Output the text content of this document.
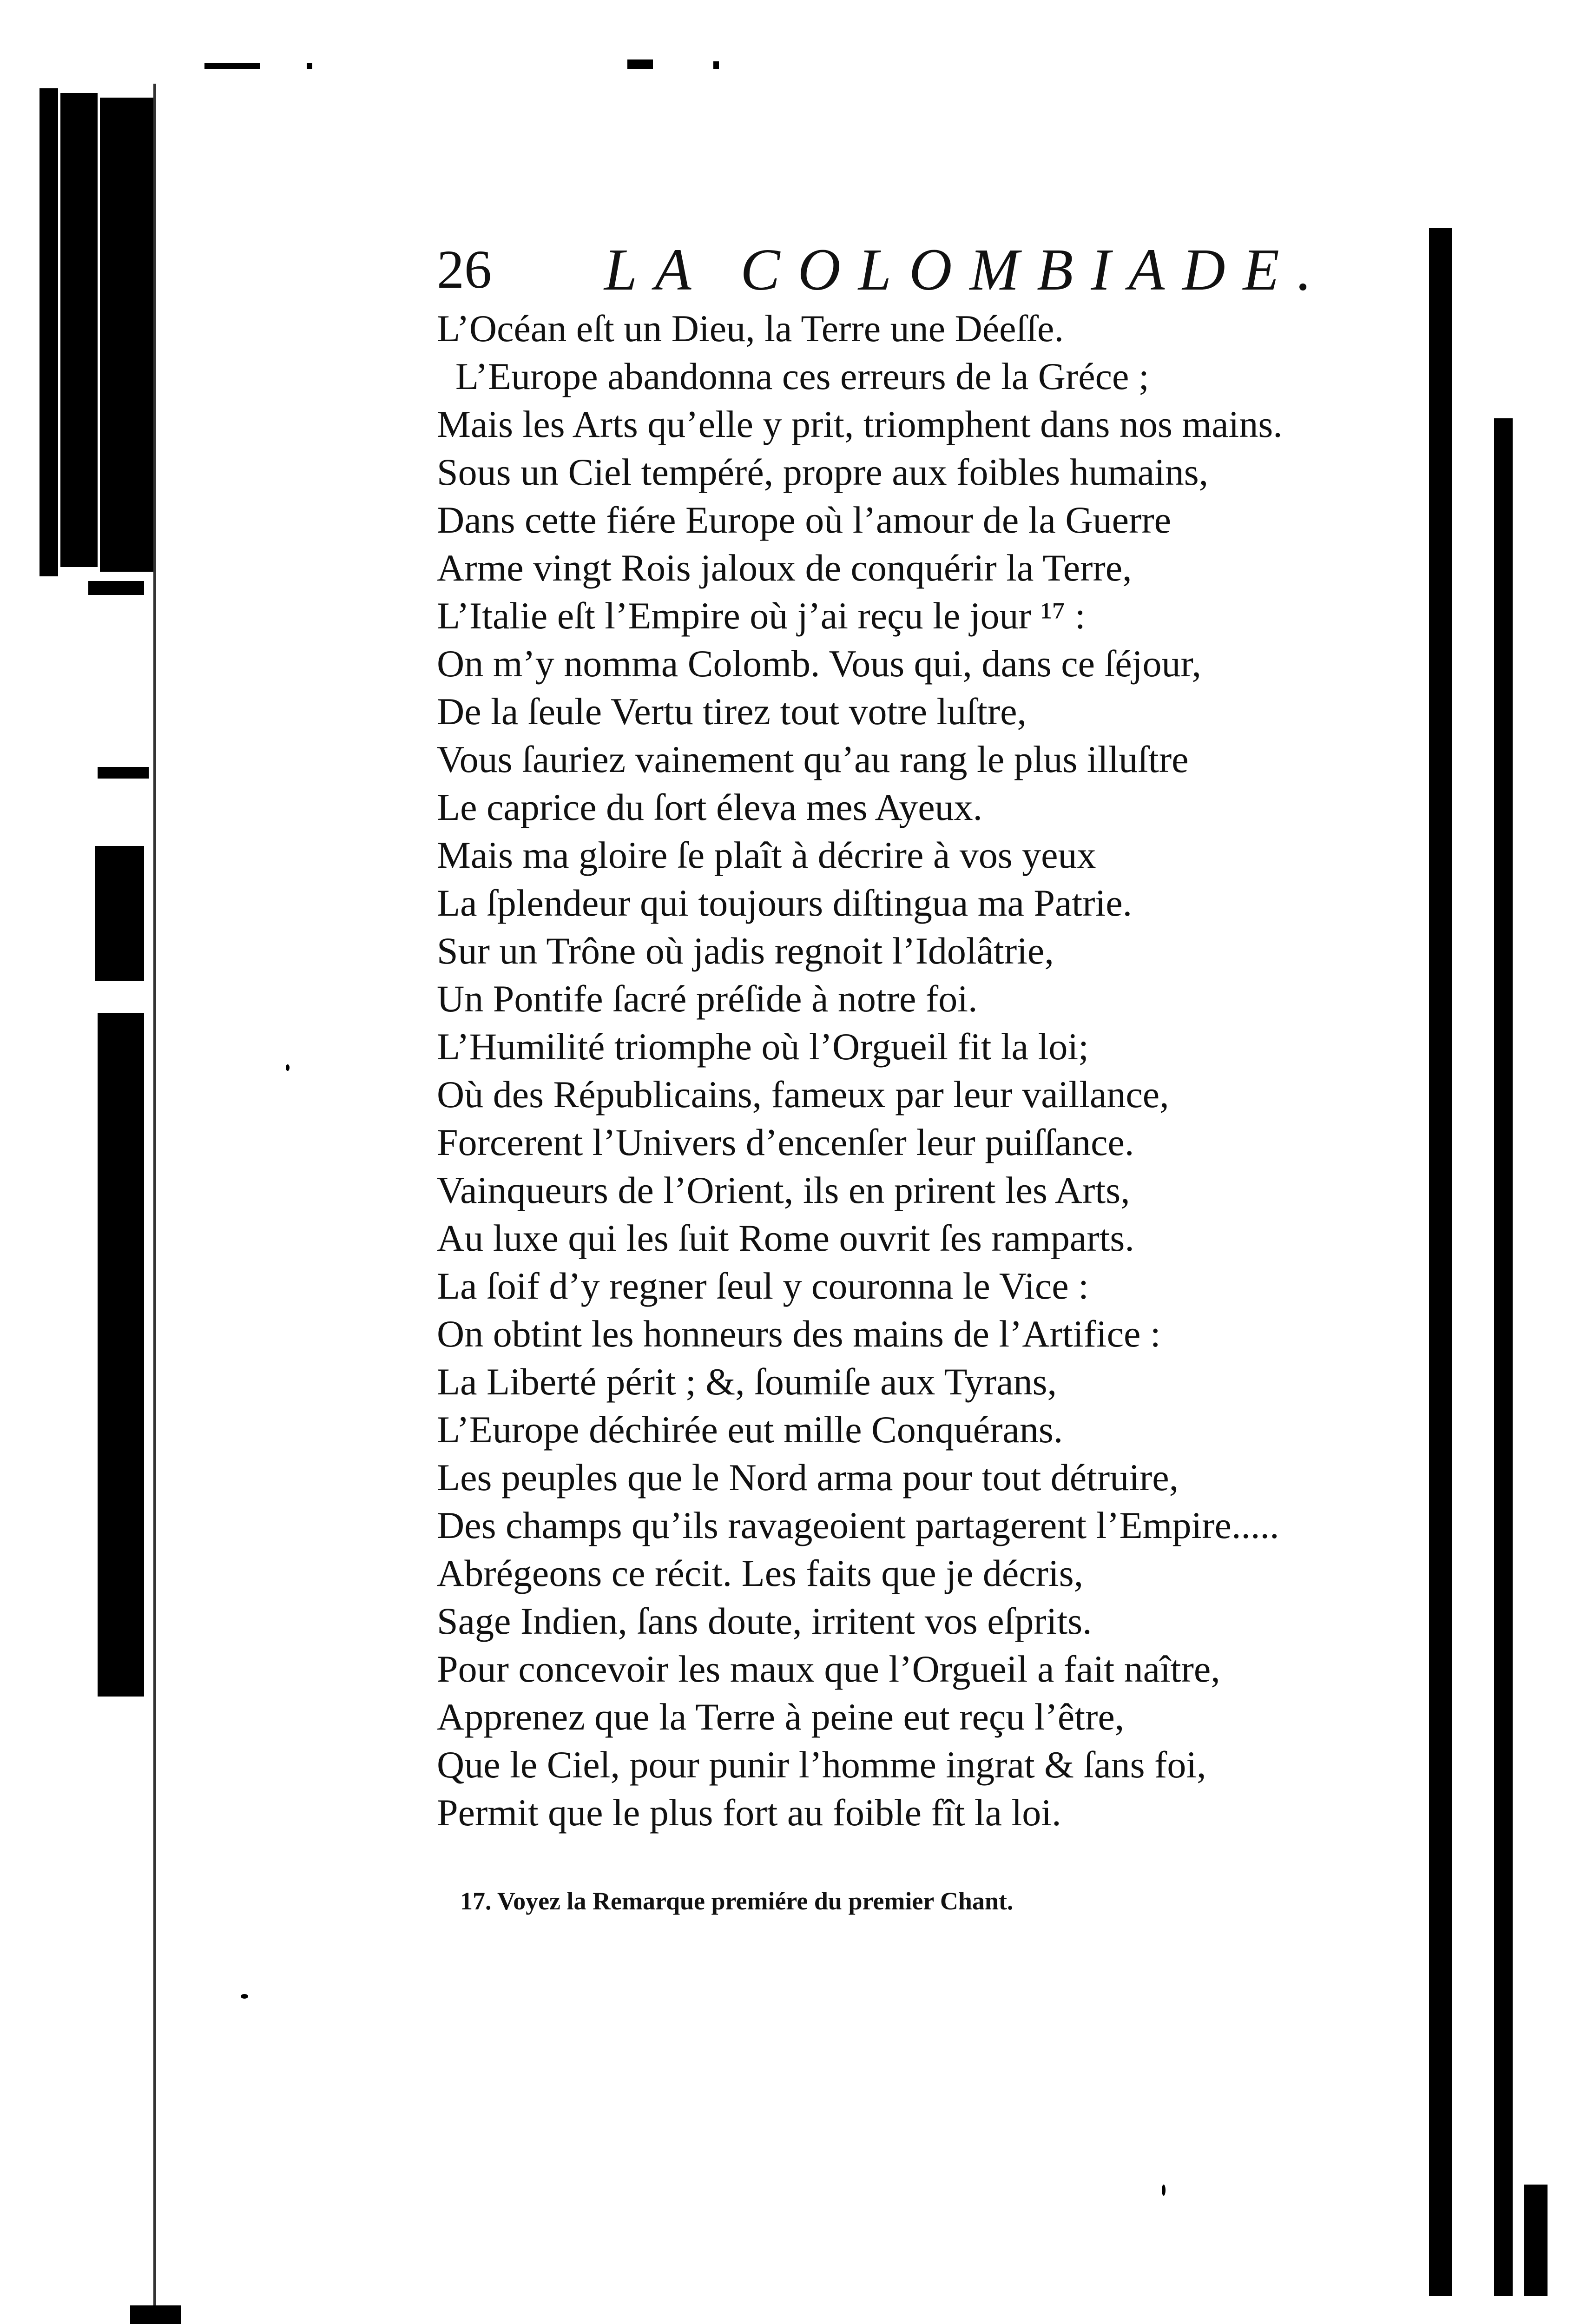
26 LA COLOMBIADE.
L’Océan eſt un Dieu, la Terre une Déeſſe.
L’Europe abandonna ces erreurs de la Gréce ;
Mais les Arts qu’elle y prit, triomphent dans nos mains.
Sous un Ciel tempéré, propre aux foibles humains,
Dans cette fiére Europe où l’amour de la Guerre
Arme vingt Rois jaloux de conquérir la Terre,
L’Italie eſt l’Empire où j’ai reçu le jour ¹⁷ :
On m’y nomma Colomb. Vous qui, dans ce ſéjour,
De la ſeule Vertu tirez tout votre luſtre,
Vous ſauriez vainement qu’au rang le plus illuſtre
Le caprice du ſort éleva mes Ayeux.
Mais ma gloire ſe plaît à décrire à vos yeux
La ſplendeur qui toujours diſtingua ma Patrie.
Sur un Trône où jadis regnoit l’Idolâtrie,
Un Pontife ſacré préſide à notre foi.
L’Humilité triomphe où l’Orgueil fit la loi;
Où des Républicains, fameux par leur vaillance,
Forcerent l’Univers d’encenſer leur puiſſance.
Vainqueurs de l’Orient, ils en prirent les Arts,
Au luxe qui les ſuit Rome ouvrit ſes ramparts.
La ſoif d’y regner ſeul y couronna le Vice :
On obtint les honneurs des mains de l’Artifice :
La Liberté périt ; &, ſoumiſe aux Tyrans,
L’Europe déchirée eut mille Conquérans.
Les peuples que le Nord arma pour tout détruire,
Des champs qu’ils ravageoient partagerent l’Empire.....
Abrégeons ce récit. Les faits que je décris,
Sage Indien, ſans doute, irritent vos eſprits.
Pour concevoir les maux que l’Orgueil a fait naître,
Apprenez que la Terre à peine eut reçu l’être,
Que le Ciel, pour punir l’homme ingrat & ſans foi,
Permit que le plus fort au foible fît la loi.
17. Voyez la Remarque premiére du premier Chant.
